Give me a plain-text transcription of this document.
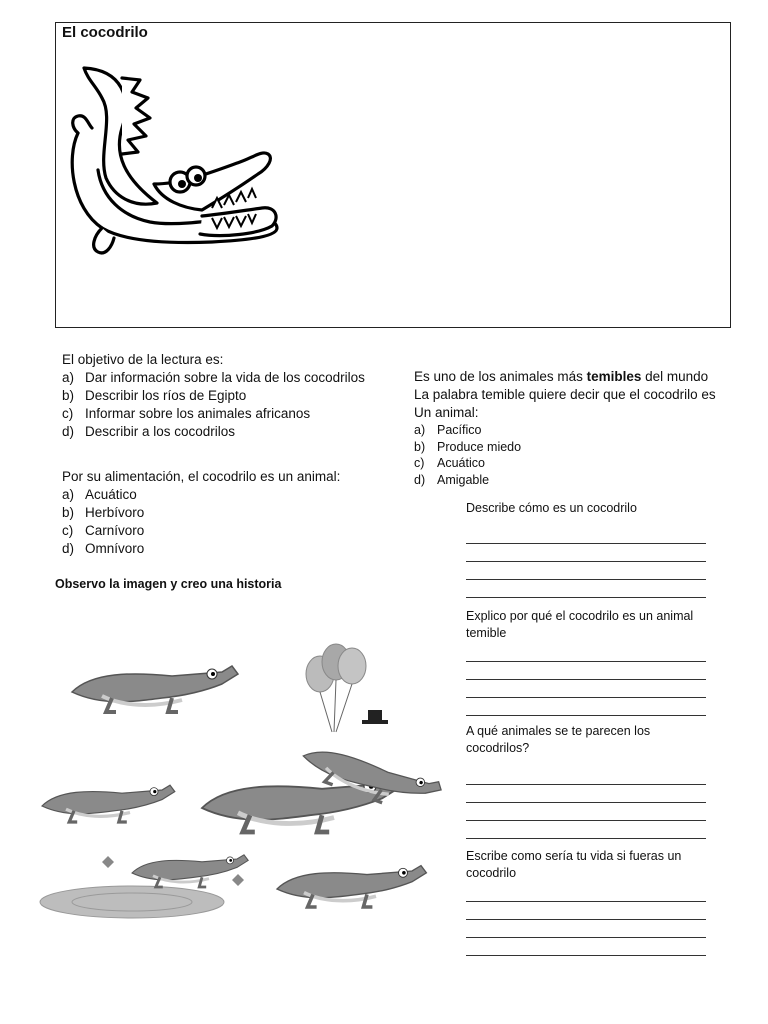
El cocodrilo
El objetivo de la lectura es:
a) Dar información sobre la vida de los cocodrilos
b) Describir los ríos de Egipto
c) Informar sobre los animales africanos
d) Describir a los cocodrilos
Por su alimentación, el cocodrilo es un animal:
a) Acuático
b) Herbívoro
c) Carnívoro
d) Omnívoro
Es uno de los animales más temibles del mundo
La palabra temible quiere decir que el cocodrilo es
Un animal:
a) Pacífico
b) Produce miedo
c)	Acuático
d) Amigable
Observo la imagen y creo una historia
Describe cómo es un cocodrilo
Explico por qué el cocodrilo es un animal
temible
A qué animales se te parecen los
cocodrilos?
Escribe como sería tu vida si fueras un
cocodrilo
